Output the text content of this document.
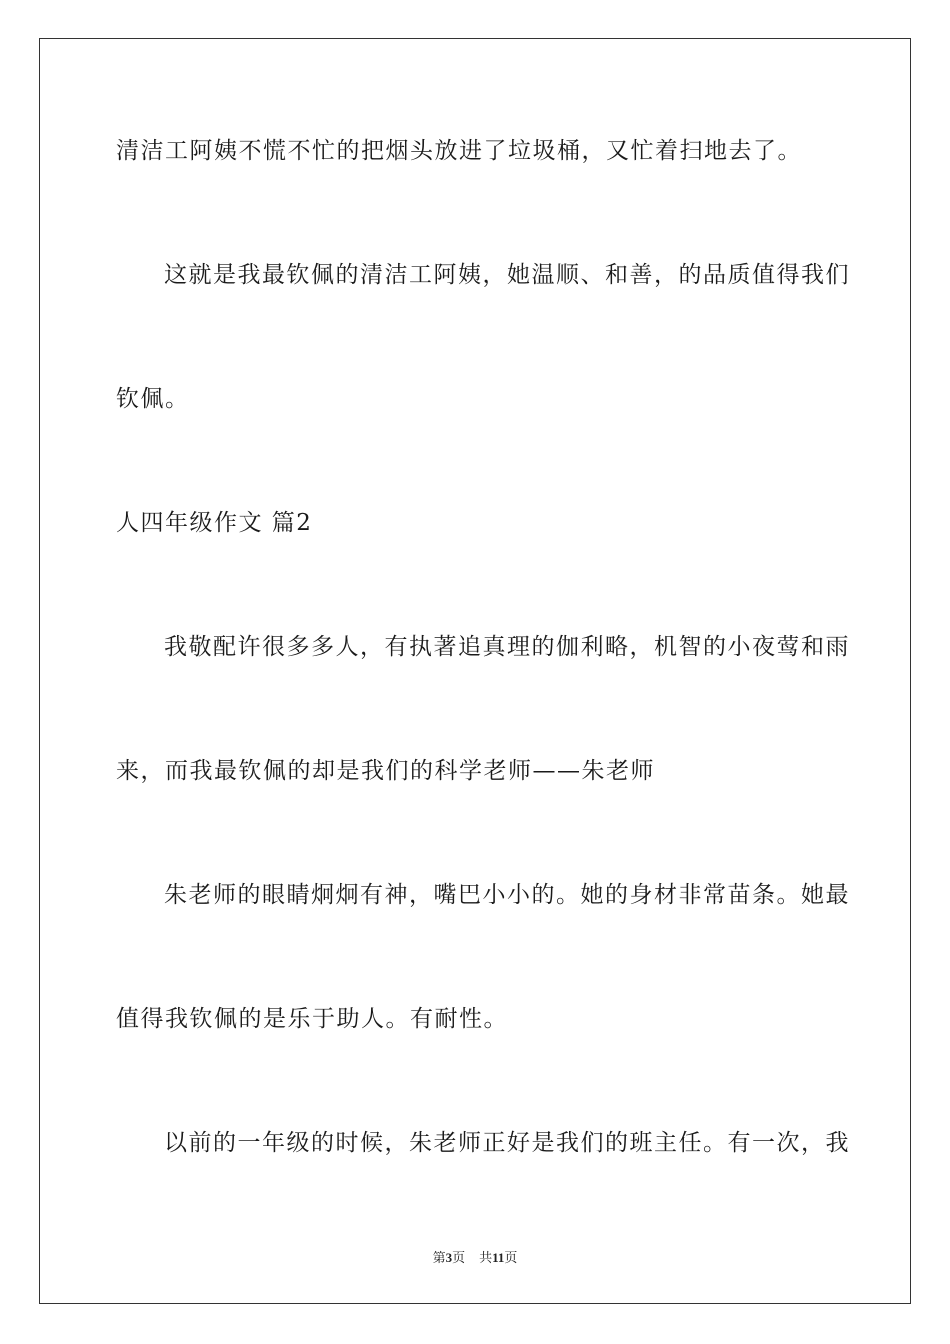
清洁工阿姨不慌不忙的把烟头放进了垃圾桶，又忙着扫地去了。
这就是我最钦佩的清洁工阿姨，她温顺、和善，的品质值得我们
钦佩。
人四年级作文 篇2
我敬配许很多多人，有执著追真理的伽利略，机智的小夜莺和雨
来，而我最钦佩的却是我们的科学老师——朱老师
朱老师的眼睛炯炯有神，嘴巴小小的。她的身材非常苗条。她最
值得我钦佩的是乐于助人。有耐性。
以前的一年级的时候，朱老师正好是我们的班主任。有一次，我
第3页 共11页
